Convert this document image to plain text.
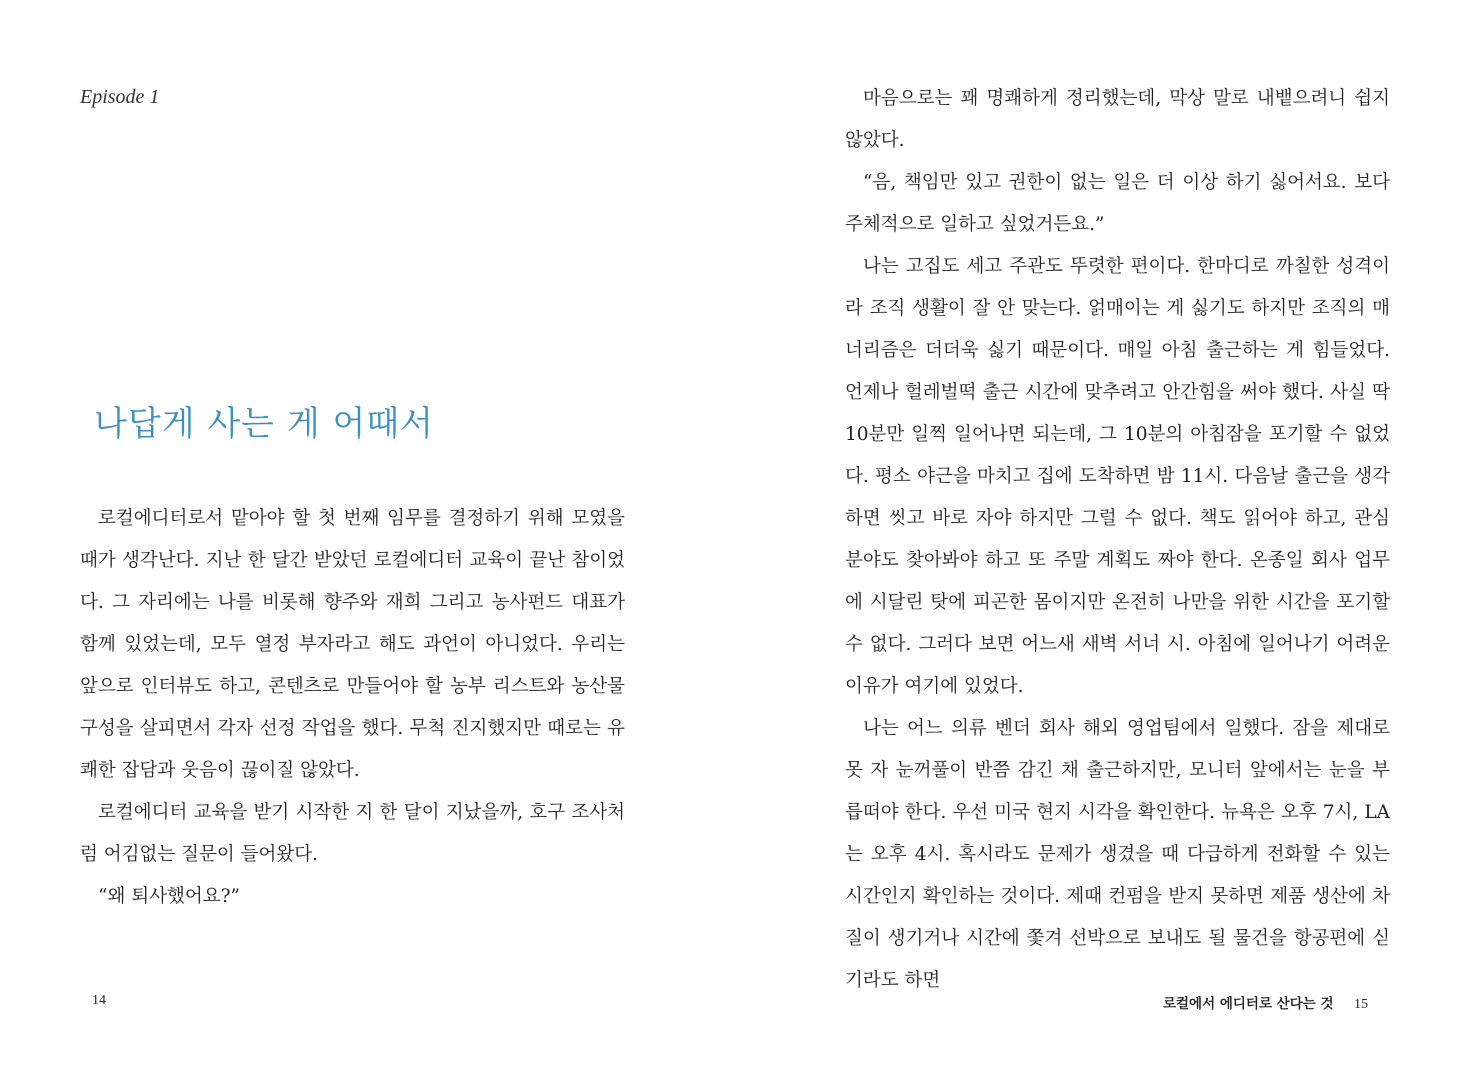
Episode 1

나답게 사는 게 어때서

로컬에디터로서 맡아야 할 첫 번째 임무를 결정하기 위해 모였을 때가 생각난다. 지난 한 달간 받았던 로컬에디터 교육이 끝난 참이었다. 그 자리에는 나를 비롯해 향주와 재희 그리고 농사펀드 대표가 함께 있었는데, 모두 열정 부자라고 해도 과언이 아니었다. 우리는 앞으로 인터뷰도 하고, 콘텐츠로 만들어야 할 농부 리스트와 농산물 구성을 살피면서 각자 선정 작업을 했다. 무척 진지했지만 때로는 유쾌한 잡담과 웃음이 끊이질 않았다.

로컬에디터 교육을 받기 시작한 지 한 달이 지났을까, 호구 조사처럼 어김없는 질문이 들어왔다.

“왜 퇴사했어요?”

14

마음으로는 꽤 명쾌하게 정리했는데, 막상 말로 내뱉으려니 쉽지 않았다.

“음, 책임만 있고 권한이 없는 일은 더 이상 하기 싫어서요. 보다 주체적으로 일하고 싶었거든요.”

나는 고집도 세고 주관도 뚜렷한 편이다. 한마디로 까칠한 성격이라 조직 생활이 잘 안 맞는다. 얽매이는 게 싫기도 하지만 조직의 매너리즘은 더더욱 싫기 때문이다. 매일 아침 출근하는 게 힘들었다. 언제나 헐레벌떡 출근 시간에 맞추려고 안간힘을 써야 했다. 사실 딱 10분만 일찍 일어나면 되는데, 그 10분의 아침잠을 포기할 수 없었다. 평소 야근을 마치고 집에 도착하면 밤 11시. 다음날 출근을 생각하면 씻고 바로 자야 하지만 그럴 수 없다. 책도 읽어야 하고, 관심 분야도 찾아봐야 하고 또 주말 계획도 짜야 한다. 온종일 회사 업무에 시달린 탓에 피곤한 몸이지만 온전히 나만을 위한 시간을 포기할 수 없다. 그러다 보면 어느새 새벽 서너 시. 아침에 일어나기 어려운 이유가 여기에 있었다.

나는 어느 의류 벤더 회사 해외 영업팀에서 일했다. 잠을 제대로 못 자 눈꺼풀이 반쯤 감긴 채 출근하지만, 모니터 앞에서는 눈을 부릅떠야 한다. 우선 미국 현지 시각을 확인한다. 뉴욕은 오후 7시, LA는 오후 4시. 혹시라도 문제가 생겼을 때 다급하게 전화할 수 있는 시간인지 확인하는 것이다. 제때 컨펌을 받지 못하면 제품 생산에 차질이 생기거나 시간에 쫓겨 선박으로 보내도 될 물건을 항공편에 싣기라도 하면

로컬에서 에디터로 산다는 것 15
